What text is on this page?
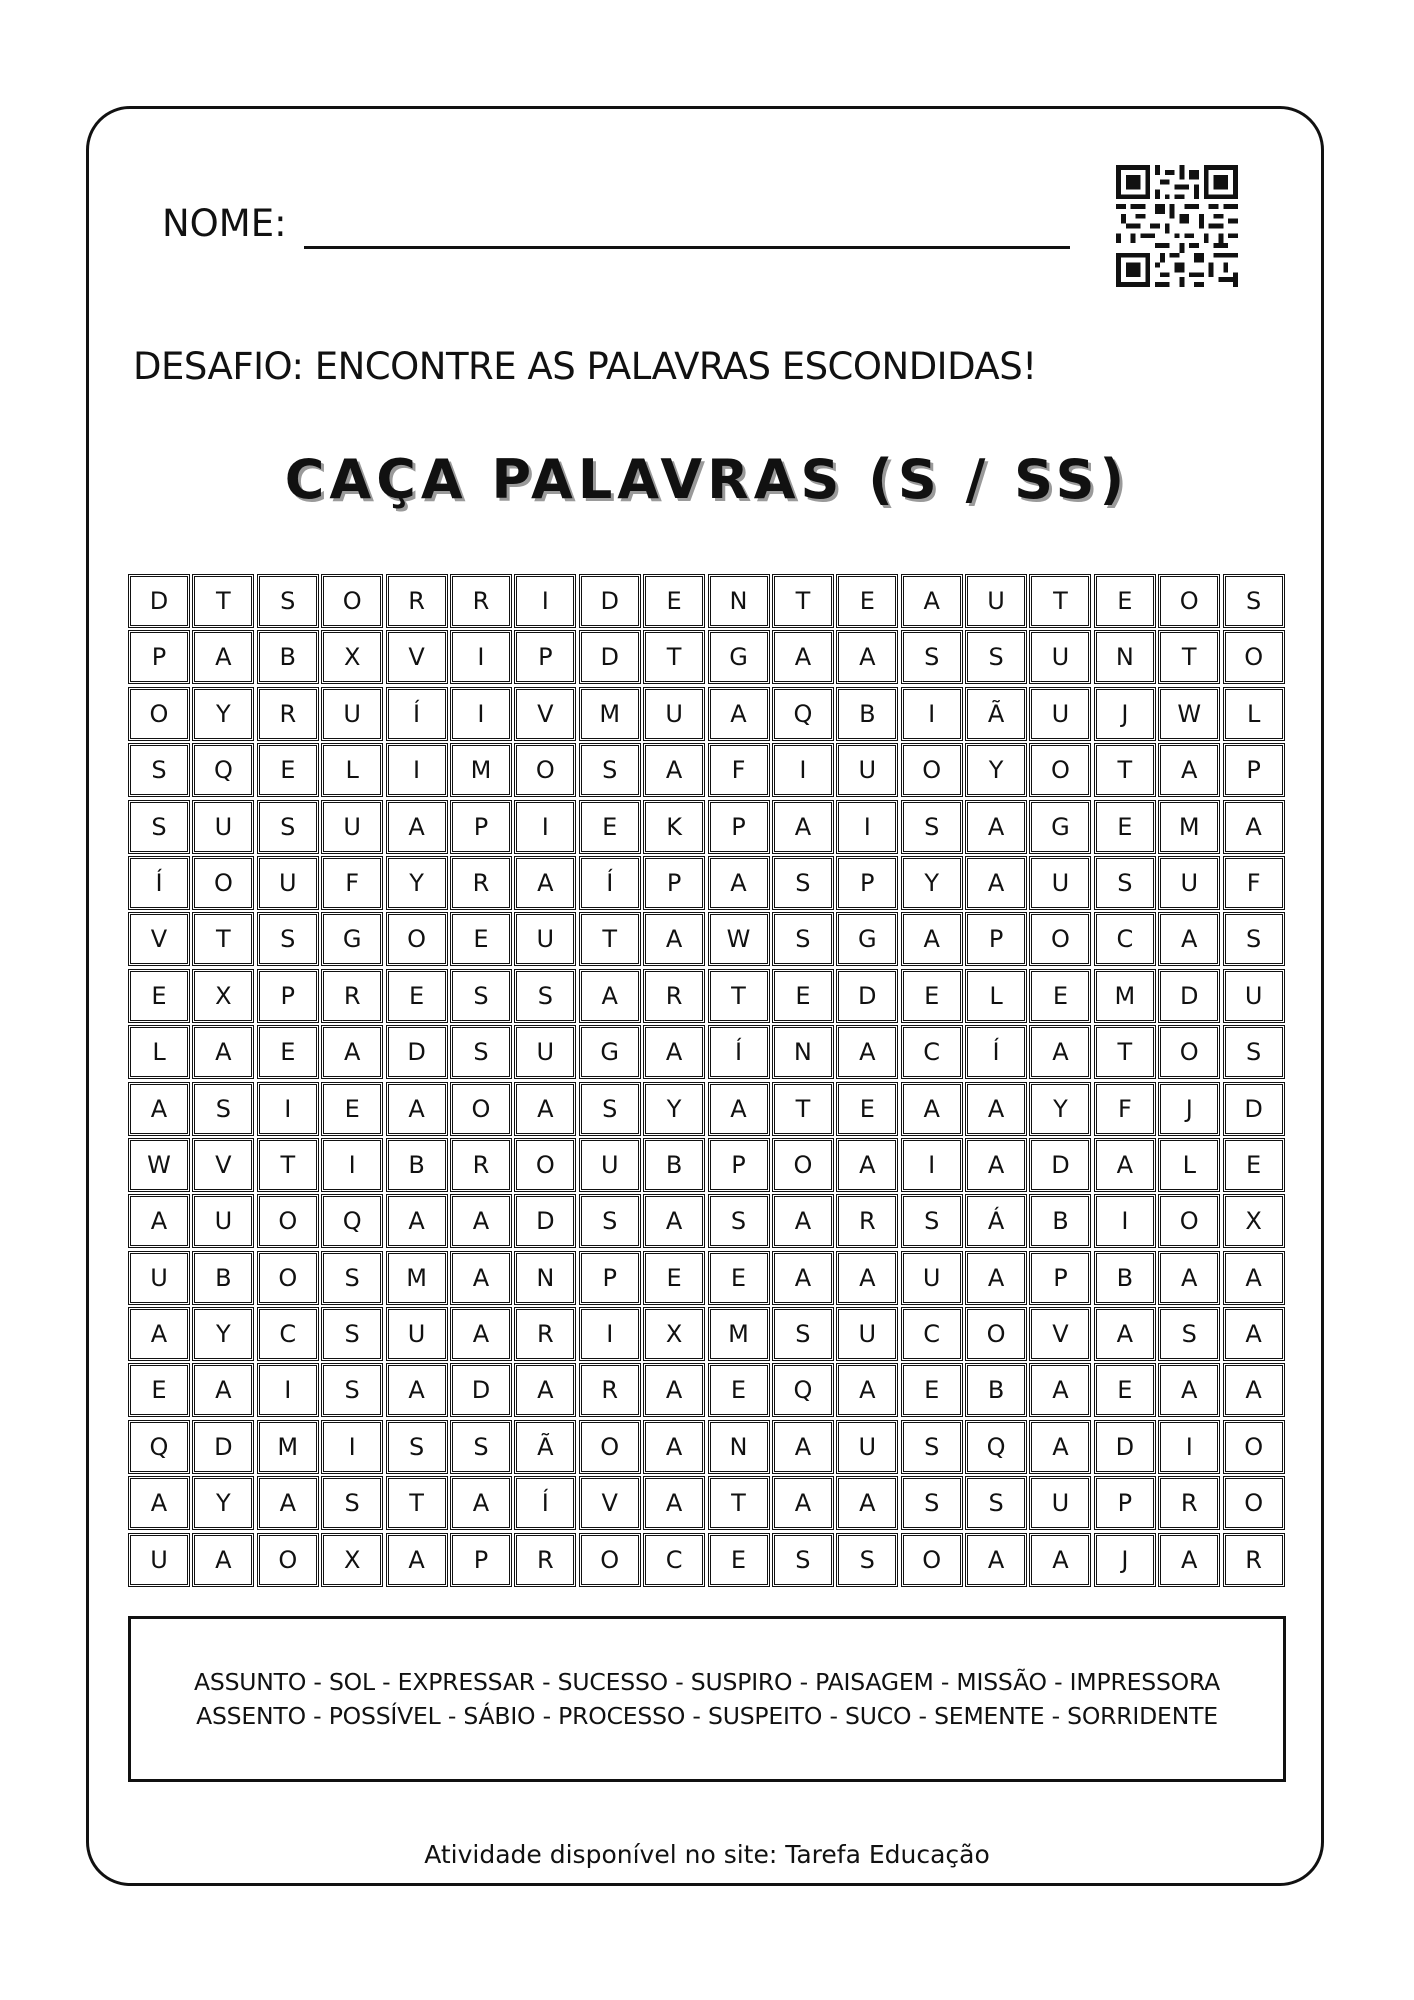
NOME:
DESAFIO: ENCONTRE AS PALAVRAS ESCONDIDAS!
CAÇA PALAVRAS (S / SS)
D	T	S	O	R	R	I	D	E	N	T	E	A	U	T	E	O	S
P	A	B	X	V	I	P	D	T	G	A	A	S	S	U	N	T	O
O	Y	R	U	Í	I	V	M	U	A	Q	B	I	Ã	U	J	W	L
S	Q	E	L	I	M	O	S	A	F	I	U	O	Y	O	T	A	P
S	U	S	U	A	P	I	E	K	P	A	I	S	A	G	E	M	A
Í	O	U	F	Y	R	A	Í	P	A	S	P	Y	A	U	S	U	F
V	T	S	G	O	E	U	T	A	W	S	G	A	P	O	C	A	S
E	X	P	R	E	S	S	A	R	T	E	D	E	L	E	M	D	U
L	A	E	A	D	S	U	G	A	Í	N	A	C	Í	A	T	O	S
A	S	I	E	A	O	A	S	Y	A	T	E	A	A	Y	F	J	D
W	V	T	I	B	R	O	U	B	P	O	A	I	A	D	A	L	E
A	U	O	Q	A	A	D	S	A	S	A	R	S	Á	B	I	O	X
U	B	O	S	M	A	N	P	E	E	A	A	U	A	P	B	A	A
A	Y	C	S	U	A	R	I	X	M	S	U	C	O	V	A	S	A
E	A	I	S	A	D	A	R	A	E	Q	A	E	B	A	E	A	A
Q	D	M	I	S	S	Ã	O	A	N	A	U	S	Q	A	D	I	O
A	Y	A	S	T	A	Í	V	A	T	A	A	S	S	U	P	R	O
U	A	O	X	A	P	R	O	C	E	S	S	O	A	A	J	A	R
ASSUNTO - SOL - EXPRESSAR - SUCESSO - SUSPIRO - PAISAGEM - MISSÃO - IMPRESSORA
ASSENTO - POSSÍVEL - SÁBIO - PROCESSO - SUSPEITO - SUCO - SEMENTE - SORRIDENTE
Atividade disponível no site: Tarefa Educação
